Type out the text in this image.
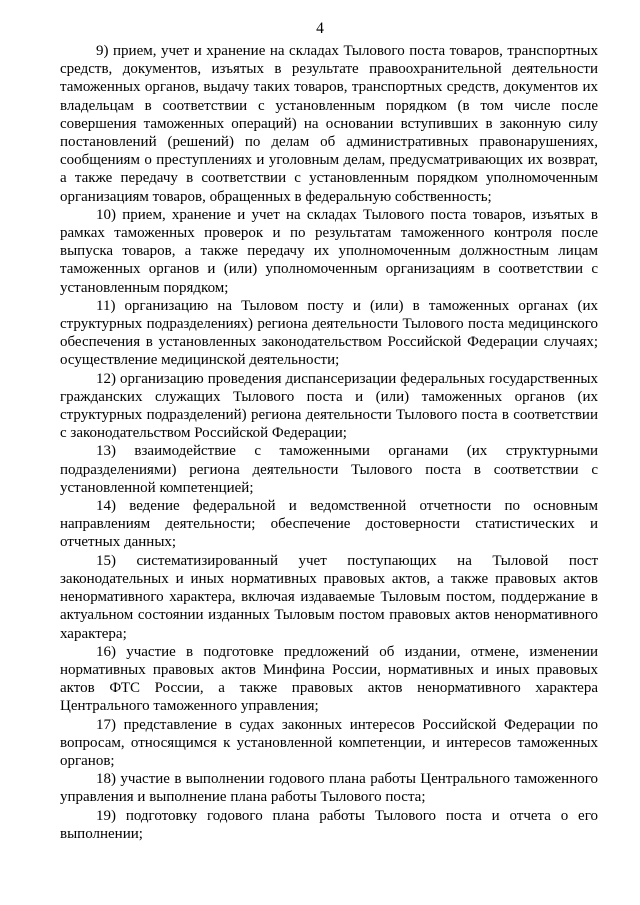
4

9) прием, учет и хранение на складах Тылового поста товаров, транспортных средств, документов, изъятых в результате правоохранительной деятельности таможенных органов, выдачу таких товаров, транспортных средств, документов их владельцам в соответствии с установленным порядком (в том числе после совершения таможенных операций) на основании вступивших в законную силу постановлений (решений) по делам об административных правонарушениях, сообщениям о преступлениях и уголовным делам, предусматривающих их возврат, а также передачу в соответствии с установленным порядком уполномоченным организациям товаров, обращенных в федеральную собственность;

10) прием, хранение и учет на складах Тылового поста товаров, изъятых в рамках таможенных проверок и по результатам таможенного контроля после выпуска товаров, а также передачу их уполномоченным должностным лицам таможенных органов и (или) уполномоченным организациям в соответствии с установленным порядком;

11) организацию на Тыловом посту и (или) в таможенных органах (их структурных подразделениях) региона деятельности Тылового поста медицинского обеспечения в установленных законодательством Российской Федерации случаях; осуществление медицинской деятельности;

12) организацию проведения диспансеризации федеральных государственных гражданских служащих Тылового поста и (или) таможенных органов (их структурных подразделений) региона деятельности Тылового поста в соответствии с законодательством Российской Федерации;

13) взаимодействие с таможенными органами (их структурными подразделениями) региона деятельности Тылового поста в соответствии с установленной компетенцией;

14) ведение федеральной и ведомственной отчетности по основным направлениям деятельности; обеспечение достоверности статистических и отчетных данных;

15) систематизированный учет поступающих на Тыловой пост законодательных и иных нормативных правовых актов, а также правовых актов ненормативного характера, включая издаваемые Тыловым постом, поддержание в актуальном состоянии изданных Тыловым постом правовых актов ненормативного характера;

16) участие в подготовке предложений об издании, отмене, изменении нормативных правовых актов Минфина России, нормативных и иных правовых актов ФТС России, а также правовых актов ненормативного характера Центрального таможенного управления;

17) представление в судах законных интересов Российской Федерации по вопросам, относящимся к установленной компетенции, и интересов таможенных органов;

18) участие в выполнении годового плана работы Центрального таможенного управления и выполнение плана работы Тылового поста;

19) подготовку годового плана работы Тылового поста и отчета о его выполнении;
